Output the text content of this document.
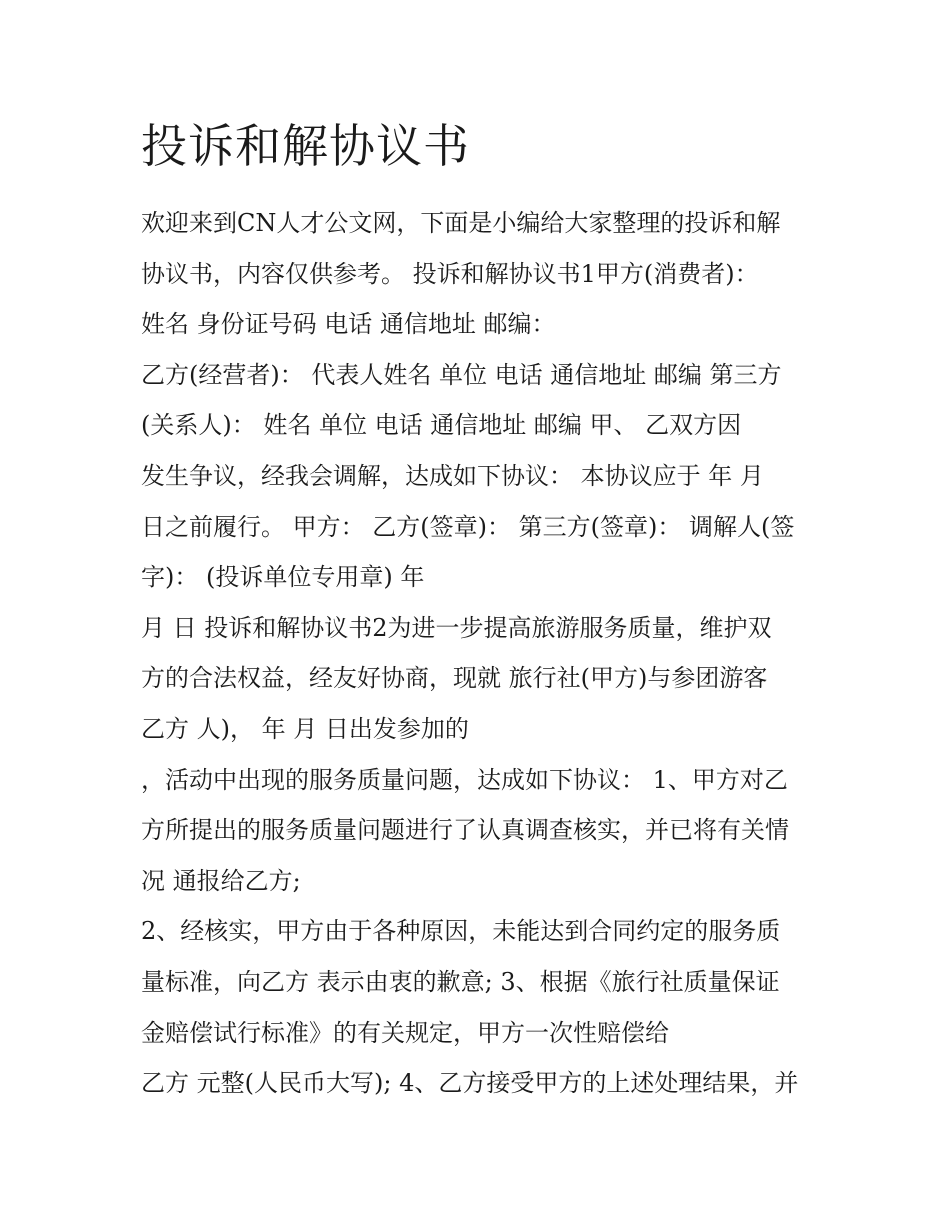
投诉和解协议书
欢迎来到CN人才公文网，下面是小编给大家整理的投诉和解
协议书，内容仅供参考。 投诉和解协议书1甲方(消费者)：
姓名 身份证号码 电话 通信地址 邮编：
乙方(经营者)： 代表人姓名 单位 电话 通信地址 邮编 第三方
(关系人)： 姓名 单位 电话 通信地址 邮编 甲、 乙双方因
发生争议，经我会调解，达成如下协议： 本协议应于 年 月
日之前履行。 甲方： 乙方(签章)： 第三方(签章)： 调解人(签
字)： (投诉单位专用章) 年
月 日 投诉和解协议书2为进一步提高旅游服务质量，维护双
方的合法权益，经友好协商，现就 旅行社(甲方)与参团游客
乙方 人)， 年 月 日出发参加的
，活动中出现的服务质量问题，达成如下协议： 1、甲方对乙
方所提出的服务质量问题进行了认真调查核实，并已将有关情
况 通报给乙方;
2、经核实，甲方由于各种原因，未能达到合同约定的服务质
量标准，向乙方 表示由衷的歉意; 3、根据《旅行社质量保证
金赔偿试行标准》的有关规定，甲方一次性赔偿给
乙方 元整(人民币大写); 4、乙方接受甲方的上述处理结果，并
